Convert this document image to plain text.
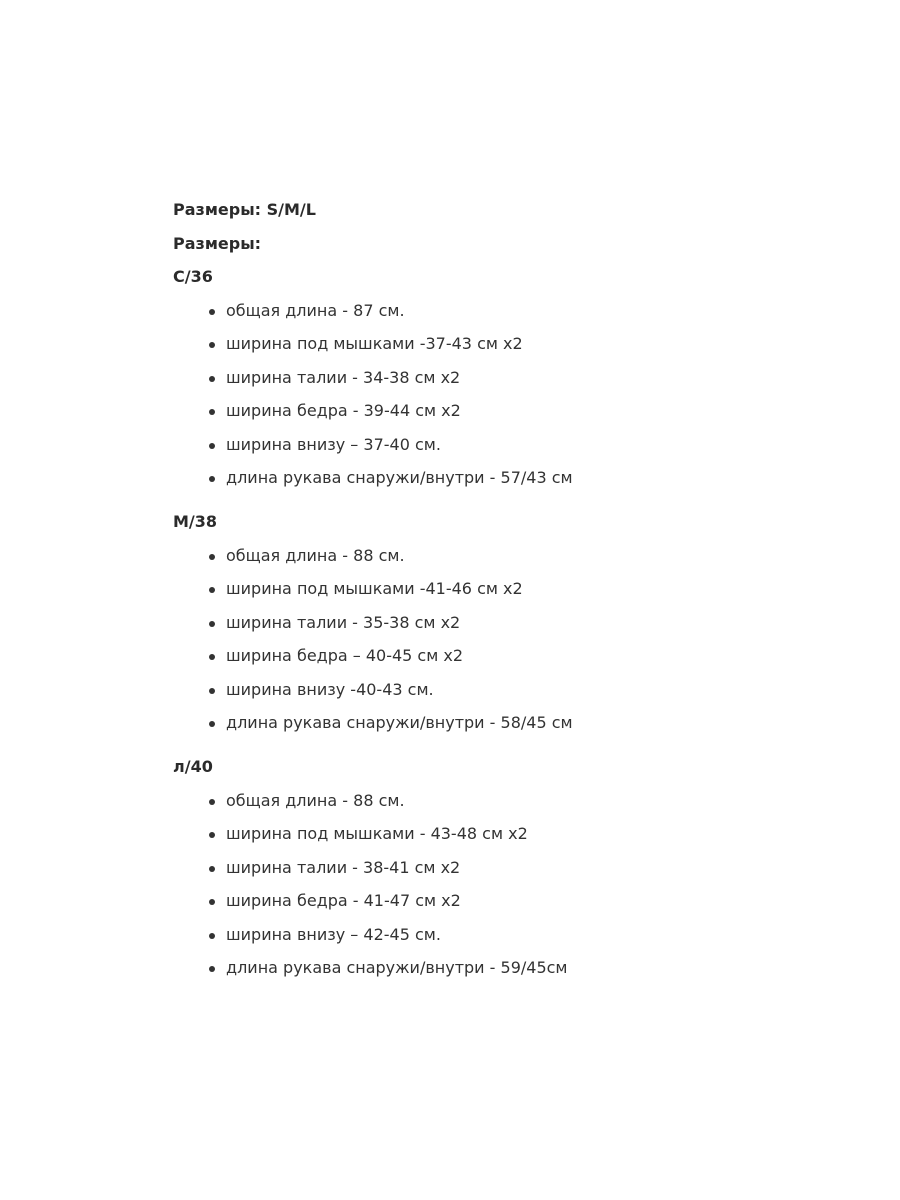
Размеры: S/M/L
Размеры:
С/36
общая длина - 87 см.
ширина под мышками -37-43 см x2
ширина талии - 34-38 см x2
ширина бедра - 39-44 см x2
ширина внизу – 37-40 см.
длина рукава снаружи/внутри - 57/43 см
М/38
общая длина - 88 см.
ширина под мышками -41-46 см x2
ширина талии - 35-38 см x2
ширина бедра – 40-45 см x2
ширина внизу -40-43 см.
длина рукава снаружи/внутри - 58/45 см
л/40
общая длина - 88 см.
ширина под мышками - 43-48 см x2
ширина талии - 38-41 см x2
ширина бедра - 41-47 см x2
ширина внизу – 42-45 см.
длина рукава снаружи/внутри - 59/45см
